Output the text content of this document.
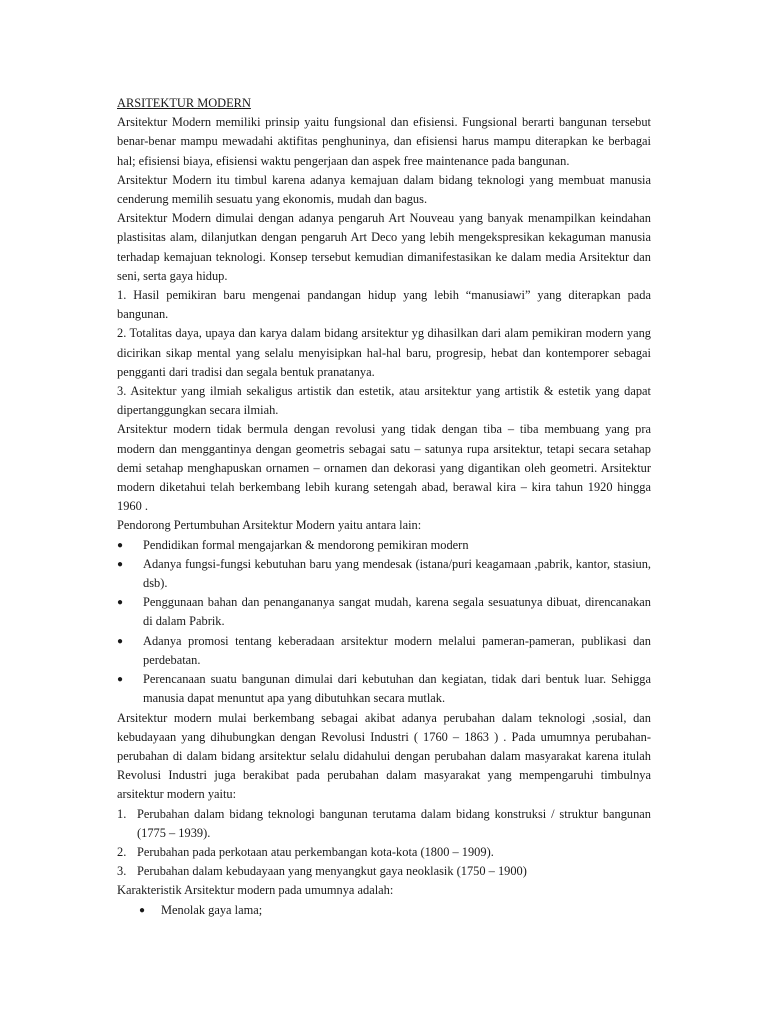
ARSITEKTUR MODERN

Arsitektur Modern memiliki prinsip yaitu fungsional dan efisiensi. Fungsional berarti bangunan tersebut benar-benar mampu mewadahi aktifitas penghuninya, dan efisiensi harus mampu diterapkan ke berbagai hal; efisiensi biaya, efisiensi waktu pengerjaan dan aspek free maintenance pada bangunan.

Arsitektur Modern itu timbul karena adanya kemajuan dalam bidang teknologi yang membuat manusia cenderung memilih sesuatu yang ekonomis, mudah dan bagus.

Arsitektur Modern dimulai dengan adanya pengaruh Art Nouveau yang banyak menampilkan keindahan plastisitas alam, dilanjutkan dengan pengaruh Art Deco yang lebih mengekspresikan kekaguman manusia terhadap kemajuan teknologi. Konsep tersebut kemudian dimanifestasikan ke dalam media Arsitektur dan seni, serta gaya hidup.

1. Hasil pemikiran baru mengenai pandangan hidup yang lebih “manusiawi” yang diterapkan pada bangunan.

2. Totalitas daya, upaya dan karya dalam bidang arsitektur yg dihasilkan dari alam pemikiran modern yang dicirikan sikap mental yang selalu menyisipkan hal-hal baru, progresip, hebat dan kontemporer sebagai pengganti dari tradisi dan segala bentuk pranatanya.

3. Asitektur yang ilmiah sekaligus artistik dan estetik, atau arsitektur yang artistik & estetik yang dapat dipertanggungkan secara ilmiah.

Arsitektur modern tidak bermula dengan revolusi yang tidak dengan tiba – tiba membuang yang pra modern dan menggantinya dengan geometris sebagai satu – satunya rupa arsitektur, tetapi secara setahap demi setahap menghapuskan ornamen – ornamen dan dekorasi yang digantikan oleh geometri. Arsitektur modern diketahui telah berkembang lebih kurang setengah abad, berawal kira – kira tahun 1920 hingga 1960 .

Pendorong Pertumbuhan Arsitektur Modern yaitu antara lain:

● Pendidikan formal mengajarkan & mendorong pemikiran modern
● Adanya fungsi-fungsi kebutuhan baru yang mendesak (istana/puri keagamaan ,pabrik, kantor, stasiun, dsb).
● Penggunaan bahan dan penangananya sangat mudah, karena segala sesuatunya dibuat, direncanakan di dalam Pabrik.
● Adanya promosi tentang keberadaan arsitektur modern melalui pameran-pameran, publikasi dan perdebatan.
● Perencanaan suatu bangunan dimulai dari kebutuhan dan kegiatan, tidak dari bentuk luar. Sehigga manusia dapat menuntut apa yang dibutuhkan secara mutlak.

Arsitektur modern mulai berkembang sebagai akibat adanya perubahan dalam teknologi ,sosial, dan kebudayaan yang dihubungkan dengan Revolusi Industri ( 1760 – 1863 ) . Pada umumnya perubahan-perubahan di dalam bidang arsitektur selalu didahului dengan perubahan dalam masyarakat karena itulah Revolusi Industri juga berakibat pada perubahan dalam masyarakat yang mempengaruhi timbulnya arsitektur modern yaitu:

1. Perubahan dalam bidang teknologi bangunan terutama dalam bidang konstruksi / struktur bangunan (1775 – 1939).
2. Perubahan pada perkotaan atau perkembangan kota-kota (1800 – 1909).
3. Perubahan dalam kebudayaan yang menyangkut gaya neoklasik (1750 – 1900)

Karakteristik Arsitektur modern pada umumnya adalah:

● Menolak gaya lama;
